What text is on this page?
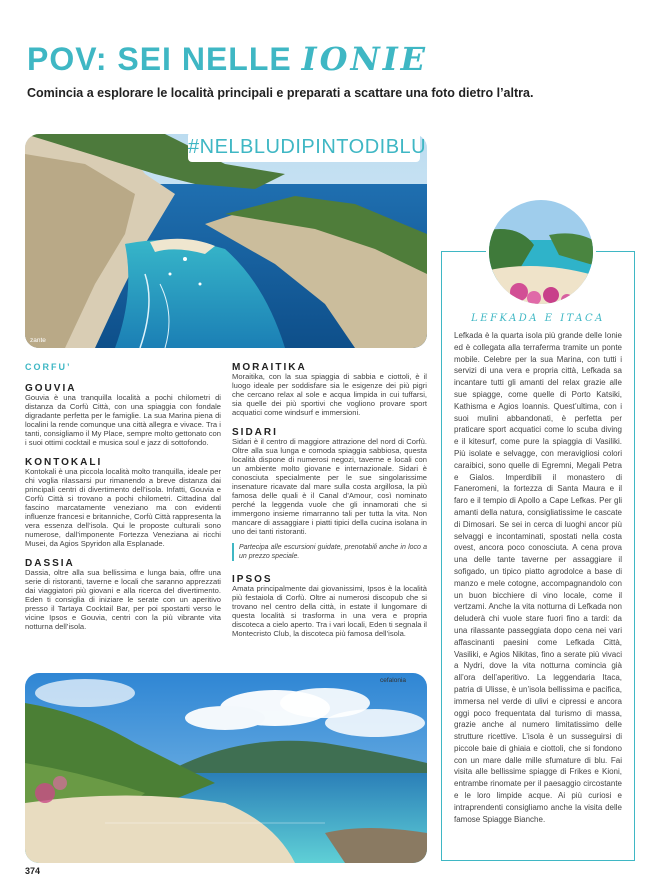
POV: SEI NELLE IONIE
Comincia a esplorare le località principali e preparati a scattare una foto dietro l’altra.
#NELBLUDIPINTODIBLU
zante
CORFU’
GOUVIA

Gouvia è una tranquilla località a pochi chilometri di distanza da Corfù Città, con una spiaggia con fondale digradante perfetta per le famiglie. La sua Marina piena di localini la rende comunque una città allegra e vivace. Tra i tanti, consigliamo il My Place, sempre molto gettonato con i suoi ottimi cocktail e musica soul e jazz di sottofondo.

KONTOKALI

Kontokali è una piccola località molto tranquilla, ideale per chi voglia rilassarsi pur rimanendo a breve distanza dai principali centri di divertimento dell’isola. Infatti, Gouvia e Corfù Città si trovano a pochi chilometri. Cittadina dal fascino marcatamente veneziano ma con evidenti influenze francesi e britanniche, Corfù Città rappresenta la vera essenza dell’isola. Qui le proposte culturali sono numerose, dall’imponente Fortezza Veneziana ai ricchi Musei, da Agios Spyridon alla Esplanade.

DASSIA

Dassia, oltre alla sua bellissima e lunga baia, offre una serie di ristoranti, taverne e locali che saranno apprezzati dai viaggiatori più giovani e alla ricerca del divertimento. Eden ti consiglia di iniziare le serate con un aperitivo presso il Tartaya Cocktail Bar, per poi spostarti verso le vicine Ipsos e Gouvia, centri con la più vibrante vita notturna dell’isola.

MORAITIKA

Moraitika, con la sua spiaggia di sabbia e ciottoli, è il luogo ideale per soddisfare sia le esigenze dei più pigri che cercano relax al sole e acqua limpida in cui tuffarsi, sia quelle dei più sportivi che vogliono provare sport acquatici come windsurf e immersioni.

SIDARI

Sidari è il centro di maggiore attrazione del nord di Corfù. Oltre alla sua lunga e comoda spiaggia sabbiosa, questa località dispone di numerosi negozi, taverne e locali con un ambiente molto giovane e internazionale. Sidari è conosciuta specialmente per le sue singolarissime insenature ricavate dal mare sulla costa argillosa, la più famosa delle quali è il Canal d’Amour, così nominato perché la leggenda vuole che gli innamorati che si immergono insieme rimarranno tali per tutta la vita. Non mancare di assaggiare i piatti tipici della cucina isolana in uno dei tanti ristoranti.

Partecipa alle escursioni guidate, prenotabili anche in loco a un prezzo speciale.
IPSOS

Amata principalmente dai giovanissimi, Ipsos è la località più festaiola di Corfù. Oltre ai numerosi discopub che si trovano nel centro della città, in estate il lungomare di questa località si trasforma in una vera e propria discoteca a cielo aperto. Tra i vari locali, Eden ti segnala il Montecristo Club, la discoteca più famosa dell’isola.

cefalonia
LEFKADA E ITACA
Lefkada è la quarta isola più grande delle Ionie ed è collegata alla terraferma tramite un ponte mobile. Celebre per la sua Marina, con tutti i servizi di una vera e propria città, Lefkada sa incantare tutti gli amanti del relax grazie alle sue spiagge, come quelle di Porto Katsiki, Kathisma e Agios Ioannis. Quest’ultima, con i suoi mulini abbandonati, è perfetta per praticare sport acquatici come lo scuba diving e il kitesurf, come pure la spiaggia di Vasiliki. Più isolate e selvagge, con meravigliosi colori caraibici, sono quelle di Egremni, Megali Petra e Gialos. Imperdibili il monastero di Faneromeni, la fortezza di Santa Maura e il faro e il tempio di Apollo a Cape Lefkas. Per gli amanti della natura, consigliatissime le cascate di Dimosari. Se sei in cerca di luoghi ancor più selvaggi e incontaminati, spostati nella costa ovest, ancora poco conosciuta. A cena prova una delle tante taverne per assaggiare il sofigado, un tipico piatto agrodolce a base di manzo e mele cotogne, accompagnandolo con un buon bicchiere di vino locale, come il vertzami. Anche la vita notturna di Lefkada non deluderà chi vuole stare fuori fino a tardi: da una rilassante passeggiata dopo cena nei vari affascinanti paesini come Lefkada Città, Vasiliki, e Agios Nikitas, fino a serate più vivaci a Nydri, dove la vita notturna comincia già all’ora dell’aperitivo. La leggendaria Itaca, patria di Ulisse, è un’isola bellissima e pacifica, immersa nel verde di ulivi e cipressi e ancora oggi poco frequentata dal turismo di massa, grazie anche al numero limitatissimo delle strutture ricettive. L’isola è un susseguirsi di piccole baie di ghiaia e ciottoli, che si fondono con un mare dalle mille sfumature di blu. Fai visita alle bellissime spiagge di Frikes e Kioni, entrambe rinomate per il paesaggio circostante e le loro limpide acque. Ai più curiosi e intraprendenti consigliamo anche la visita delle famose Spiagge Bianche.
374
